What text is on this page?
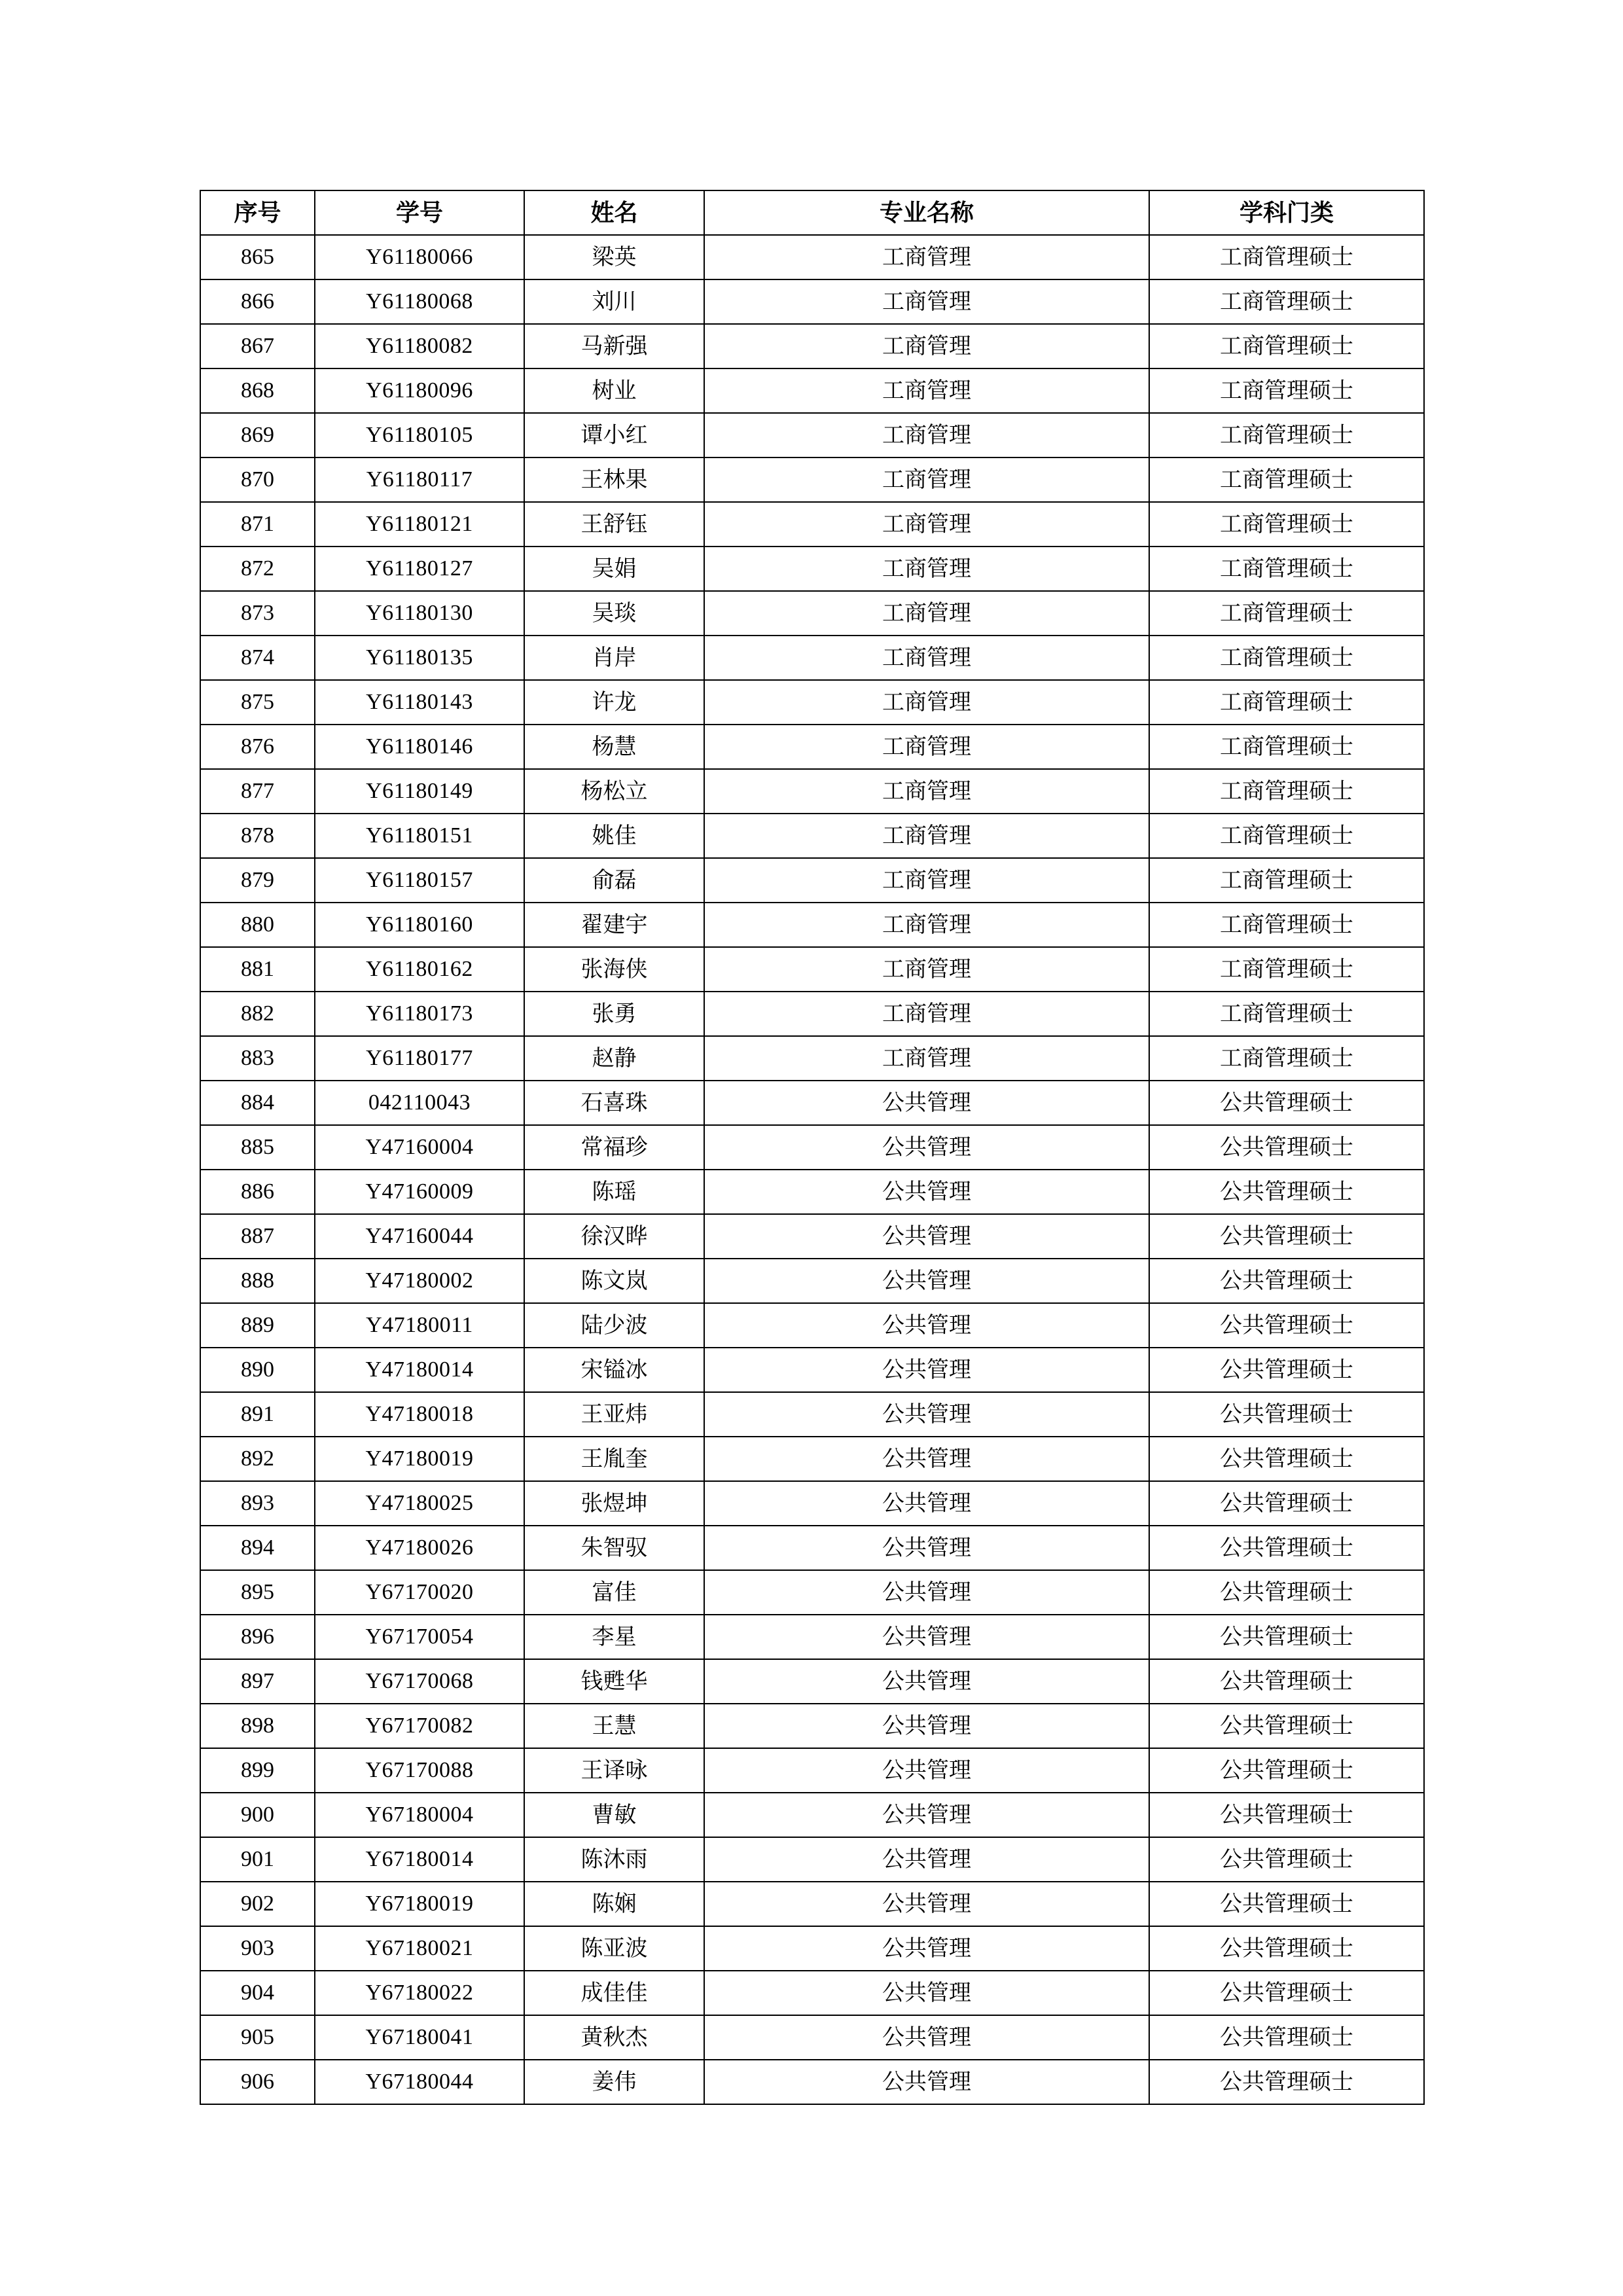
序号	学号	姓名	专业名称	学科门类
865	Y61180066	梁英	工商管理	工商管理硕士
866	Y61180068	刘川	工商管理	工商管理硕士
867	Y61180082	马新强	工商管理	工商管理硕士
868	Y61180096	树业	工商管理	工商管理硕士
869	Y61180105	谭小红	工商管理	工商管理硕士
870	Y61180117	王林果	工商管理	工商管理硕士
871	Y61180121	王舒钰	工商管理	工商管理硕士
872	Y61180127	吴娟	工商管理	工商管理硕士
873	Y61180130	吴琰	工商管理	工商管理硕士
874	Y61180135	肖岸	工商管理	工商管理硕士
875	Y61180143	许龙	工商管理	工商管理硕士
876	Y61180146	杨慧	工商管理	工商管理硕士
877	Y61180149	杨松立	工商管理	工商管理硕士
878	Y61180151	姚佳	工商管理	工商管理硕士
879	Y61180157	俞磊	工商管理	工商管理硕士
880	Y61180160	翟建宇	工商管理	工商管理硕士
881	Y61180162	张海侠	工商管理	工商管理硕士
882	Y61180173	张勇	工商管理	工商管理硕士
883	Y61180177	赵静	工商管理	工商管理硕士
884	042110043	石喜珠	公共管理	公共管理硕士
885	Y47160004	常福珍	公共管理	公共管理硕士
886	Y47160009	陈瑶	公共管理	公共管理硕士
887	Y47160044	徐汉晔	公共管理	公共管理硕士
888	Y47180002	陈文岚	公共管理	公共管理硕士
889	Y47180011	陆少波	公共管理	公共管理硕士
890	Y47180014	宋镒冰	公共管理	公共管理硕士
891	Y47180018	王亚炜	公共管理	公共管理硕士
892	Y47180019	王胤奎	公共管理	公共管理硕士
893	Y47180025	张煜坤	公共管理	公共管理硕士
894	Y47180026	朱智驭	公共管理	公共管理硕士
895	Y67170020	富佳	公共管理	公共管理硕士
896	Y67170054	李星	公共管理	公共管理硕士
897	Y67170068	钱甦华	公共管理	公共管理硕士
898	Y67170082	王慧	公共管理	公共管理硕士
899	Y67170088	王译咏	公共管理	公共管理硕士
900	Y67180004	曹敏	公共管理	公共管理硕士
901	Y67180014	陈沐雨	公共管理	公共管理硕士
902	Y67180019	陈娴	公共管理	公共管理硕士
903	Y67180021	陈亚波	公共管理	公共管理硕士
904	Y67180022	成佳佳	公共管理	公共管理硕士
905	Y67180041	黄秋杰	公共管理	公共管理硕士
906	Y67180044	姜伟	公共管理	公共管理硕士
